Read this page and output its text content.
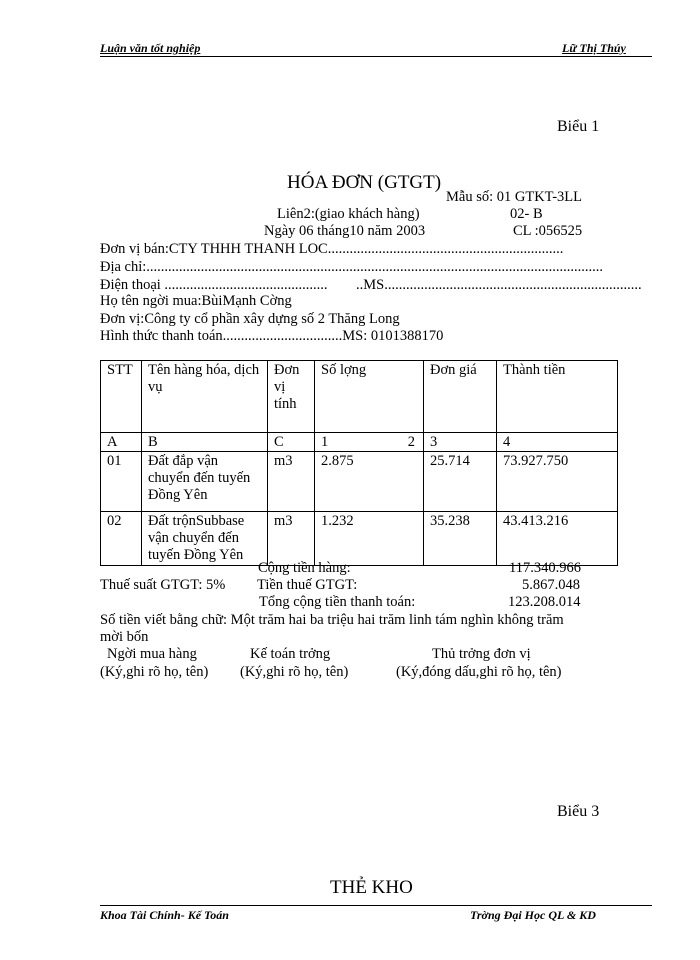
Luận văn tốt nghiệp	Lữ Thị Thúy
Biểu 1
HÓA ĐƠN (GTGT)
Mẫu số: 01 GTKT-3LL
Liên2:(giao khách hàng)	02- B
Ngày 06 tháng10 năm 2003	CL :056525
Đơn vị bán:CTY THHH THANH LOC.................................................................
Địa chỉ:..............................................................................................................................
Điện thoại ............................................. ..MS.......................................................................
Họ tên ngời mua:BùiMạnh Cờng
Đơn vị:Công ty cổ phần xây dựng số 2 Thăng Long
Hình thức thanh toán.................................MS: 0101388170
STT	Tên hàng hóa, dịch vụ	Đơn vị tính	Số lợng	Đơn giá	Thành tiền
A	B	C	1 2	3	4
01	Đất đắp vận chuyển đến tuyến Đồng Yên	m3	2.875	25.714	73.927.750
02	Đất trộnSubbase vận chuyển đến tuyến Đồng Yên	m3	1.232	35.238	43.413.216
Cộng tiền hàng:	117.340.966
Thuế suất GTGT: 5% Tiền thuế GTGT:	5.867.048
Tổng cộng tiền thanh toán:	123.208.014
Số tiền viết bằng chữ: Một trăm hai ba triệu hai trăm linh tám nghìn không trăm
mời bốn
Ngời mua hàng	Kế toán trởng	Thủ trởng đơn vị
(Ký,ghi rõ họ, tên) (Ký,ghi rõ họ, tên)	(Ký,đóng dấu,ghi rõ họ, tên)
Biểu 3
THẺ KHO
Khoa Tài Chính- Kế Toán	Trờng Đại Học QL & KD
